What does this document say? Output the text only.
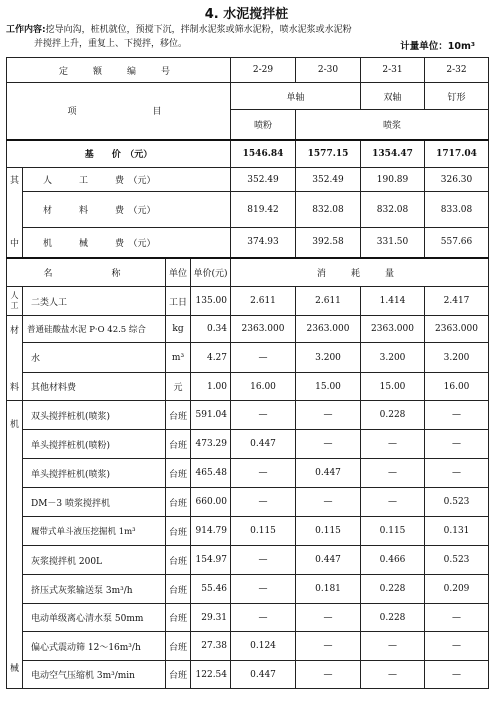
4. 水泥搅拌桩
工作内容:挖导向沟，桩机就位，预搅下沉，拌制水泥浆或筛水泥粉，喷水泥浆或水泥粉
并搅拌上升，重复上、下搅拌，移位。	计量单位：10m³
定　额　编　号				2-29	2-30	2-31	2-32
项　　　　目				单轴		双轴	钉形
				喷粉	喷浆		
基　　价　（元）				1546.84	1577.15	1354.47	1717.04
其	人　　　工　　　费　（元）			352.49	352.49	190.89	326.30
	材　　　料　　　费　（元）			819.42	832.08	832.08	833.08
中	机　　　械　　　费　（元）			374.93	392.58	331.50	557.66
名　　　称		单位	单价(元)	消　耗　量			
人工	二类人工	工日	135.00	2.611	2.611	1.414	2.417
材	普通硅酸盐水泥 P·O 42.5 综合	kg	0.34	2363.000	2363.000	2363.000	2363.000
	水	m³	4.27	—	3.200	3.200	3.200
料	其他材料费	元	1.00	16.00	15.00	15.00	16.00
机	双头搅拌桩机(喷浆)	台班	591.04	—	—	0.228	—
	单头搅拌桩机(喷粉)	台班	473.29	0.447	—	—	—
	单头搅拌桩机(喷浆)	台班	465.48	—	0.447	—	—
	DM－3 喷浆搅拌机	台班	660.00	—	—	—	0.523
	履带式单斗液压挖掘机 1m³	台班	914.79	0.115	0.115	0.115	0.131
	灰浆搅拌机 200L	台班	154.97	—	0.447	0.466	0.523
	挤压式灰浆输送泵 3m³/h	台班	55.46	—	0.181	0.228	0.209
	电动单级离心清水泵 50mm	台班	29.31	—	—	0.228	—
	偏心式震动筛 12～16m³/h	台班	27.38	0.124	—	—	—
械	电动空气压缩机 3m³/min	台班	122.54	0.447	—	—	—
